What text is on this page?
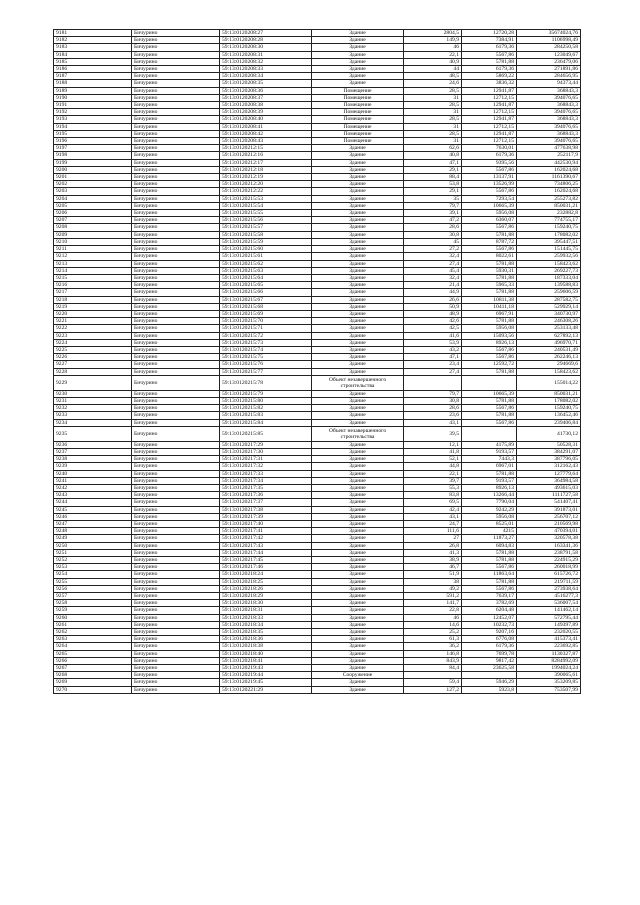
9181	Бичурино	59:13:0120208:27	Здание	2804,5	12720,28	35674024,76
9182	Бичурино	59:13:0120208:28	Здание	149,9	7384,91	1106998,49
9183	Бичурино	59:13:0120208:30	Здание	46	6179,36	284250,58
9184	Бичурино	59:13:0120208:31	Здание	22,1	5567,86	123049,67
9185	Бичурино	59:13:0120208:32	Здание	40,9	5781,88	236479,06
9186	Бичурино	59:13:0120208:33	Здание	44	6179,36	271891,86
9187	Бичурино	59:13:0120208:34	Здание	48,5	5869,22	284656,95
9188	Бичурино	59:13:0120208:35	Здание	24,6	3836,32	94373,44
9189	Бичурино	59:13:0120208:36	Помещение	28,5	12941,87	368843,3
9190	Бичурино	59:13:0120208:37	Помещение	31	12712,15	394076,65
9191	Бичурино	59:13:0120208:38	Помещение	28,5	12941,87	368843,3
9192	Бичурино	59:13:0120208:39	Помещение	31	12712,15	394076,65
9193	Бичурино	59:13:0120208:40	Помещение	28,5	12941,87	368843,3
9194	Бичурино	59:13:0120208:41	Помещение	31	12712,15	394076,65
9195	Бичурино	59:13:0120208:42	Помещение	28,5	12941,87	368843,3
9196	Бичурино	59:13:0120208:43	Помещение	31	12712,15	394076,65
9197	Бичурино	59:13:0120212:15	Здание	62,6	7630,01	477638,98
9198	Бичурино	59:13:0120212:16	Здание	40,8	6179,36	252117,9
9199	Бичурино	59:13:0120212:17	Здание	47,1	9395,56	442530,94
9200	Бичурино	59:13:0120212:18	Здание	29,1	5567,86	162024,68
9201	Бичурино	59:13:0120212:19	Здание	88,4	13137,91	1161390,67
9202	Бичурино	59:13:0120212:20	Здание	53,8	13526,99	734806,25
9203	Бичурино	59:13:0120212:22	Здание	29,1	5567,86	162024,68
9204	Бичурино	59:13:0120215:53	Здание	35	7293,54	255273,82
9205	Бичурино	59:13:0120215:54	Здание	79,7	10665,39	850031,21
9206	Бичурино	59:13:0120215:55	Здание	39,1	5956,08	232882,8
9207	Бичурино	59:13:0120215:56	Здание	47,2	6360,07	774755,17
9208	Бичурино	59:13:0120215:57	Здание	28,6	5567,86	159240,75
9209	Бичурино	59:13:0120215:58	Здание	30,8	5781,88	178082,02
9210	Бичурино	59:13:0120215:59	Здание	45	8787,72	395447,51
9211	Бичурино	59:13:0120215:60	Здание	27,2	5567,86	151445,75
9212	Бичурино	59:13:0120215:61	Здание	32,4	8022,61	259932,56
9213	Бичурино	59:13:0120215:62	Здание	27,4	5781,88	158423,62
9214	Бичурино	59:13:0120215:63	Здание	45,4	5930,31	269227,73
9215	Бичурино	59:13:0120215:64	Здание	32,4	5781,88	187333,04
9216	Бичурино	59:13:0120215:65	Здание	21,4	5965,33	139588,83
9217	Бичурино	59:13:0120215:66	Здание	44,9	5781,88	259606,59
9218	Бичурино	59:13:0120215:67	Здание	26,6	10811,38	287582,75
9219	Бичурино	59:13:0120215:68	Здание	50,9	10411,18	529929,14
9220	Бичурино	59:13:0120215:69	Здание	48,9	6967,91	340730,97
9221	Бичурино	59:13:0120215:70	Здание	42,6	5781,88	246308,26
9222	Бичурино	59:13:0120215:71	Здание	42,5	5956,08	253133,48
9223	Бичурино	59:13:0120215:72	Здание	41,6	15093,56	627892,13
9224	Бичурино	59:13:0120215:73	Здание	53,9	8926,13	496970,71
9225	Бичурино	59:13:0120215:74	Здание	43,2	5567,86	240531,49
9226	Бичурино	59:13:0120215:75	Здание	47,1	5567,86	262246,13
9227	Бичурино	59:13:0120215:76	Здание	23,4	12592,72	294669,6
9228	Бичурино	59:13:0120215:77	Здание	27,4	5781,88	158423,62
9229	Бичурино	59:13:0120215:78	Объект незавершенного строительства			155014,22
9230	Бичурино	59:13:0120215:79	Здание	79,7	10665,39	850031,21
9231	Бичурино	59:13:0120215:80	Здание	30,8	5781,88	178082,02
9232	Бичурино	59:13:0120215:82	Здание	28,6	5567,86	159240,75
9233	Бичурино	59:13:0120215:83	Здание	23,6	5781,88	136452,46
9234	Бичурино	59:13:0120215:84	Здание	43,1	5567,86	239406,84
9235	Бичурино	59:13:0120215:85	Объект незавершенного строительства	39,5		41730,12
9236	Бичурино	59:13:0120217:29	Здание	12,1	4175,89	50528,31
9237	Бичурино	59:13:0120217:30	Здание	41,8	9193,57	384291,07
9238	Бичурино	59:13:0120217:31	Здание	52,1	7443,3	387796,05
9239	Бичурино	59:13:0120217:32	Здание	44,8	6967,01	312162,43
9240	Бичурино	59:13:0120217:33	Здание	22,1	5781,88	127779,64
9241	Бичурино	59:13:0120217:34	Здание	39,7	9193,57	364984,58
9242	Бичурино	59:13:0120217:35	Здание	55,3	8926,13	493615,03
9243	Бичурино	59:13:0120217:36	Здание	83,8	13266,44	1111727,58
9244	Бичурино	59:13:0120217:37	Здание	69,5	7790,04	541407,41
9245	Бичурино	59:13:0120217:38	Здание	42,4	9242,29	391873,01
9246	Бичурино	59:13:0120217:39	Здание	43,1	5956,08	256707,12
9247	Бичурино	59:13:0120217:40	Здание	24,7	8525,01	210569,98
9248	Бичурино	59:13:0120217:41	Здание	111,6	4215	470394,01
9249	Бичурино	59:13:0120217:42	Здание	27	11873,27	320578,38
9250	Бичурино	59:13:0120217:43	Здание	26,8	6094,83	163341,36
9251	Бичурино	59:13:0120217:44	Здание	41,3	5781,88	238791,58
9252	Бичурино	59:13:0120217:45	Здание	38,9	5781,88	224915,29
9253	Бичурино	59:13:0120217:46	Здание	46,7	5567,86	260018,99
9254	Бичурино	59:13:0120218:24	Здание	51,9	11863,64	615726,72
9255	Бичурино	59:13:0120218:25	Здание	38	5781,88	219711,59
9256	Бичурино	59:13:0120218:26	Здание	49,2	5567,86	273938,64
9257	Бичурино	59:13:0120218:29	Здание	591,2	7639,17	4516277,3
9258	Бичурино	59:13:0120218:30	Здание	141,7	3782,69	536007,54
9259	Бичурино	59:13:0120218:31	Здание	22,8	6204,48	141462,14
9260	Бичурино	59:13:0120218:33	Здание	46	12452,07	572795,44
9261	Бичурино	59:13:0120218:34	Здание	14,6	10232,73	149397,89
9262	Бичурино	59:13:0120218:35	Здание	25,2	9207,16	232020,55
9263	Бичурино	59:13:0120218:36	Здание	61,3	6776,08	415373,41
9264	Бичурино	59:13:0120218:38	Здание	36,2	6179,36	223692,85
9265	Бичурино	59:13:0120218:40	Здание	146,8	7699,78	1130327,87
9266	Бичурино	59:13:0120218:41	Здание	843,9	9817,42	8284992,09
9267	Бичурино	59:13:0120219:43	Здание	84,4	23625,58	1994024,24
9268	Бичурино	59:13:0120219:44	Сооружение			390065,61
9269	Бичурино	59:13:0120219:45	Здание	59,4	5946,29	353209,85
9270	Бичурино	59:13:0120221:29	Здание	127,2	5923,8	753507,99
